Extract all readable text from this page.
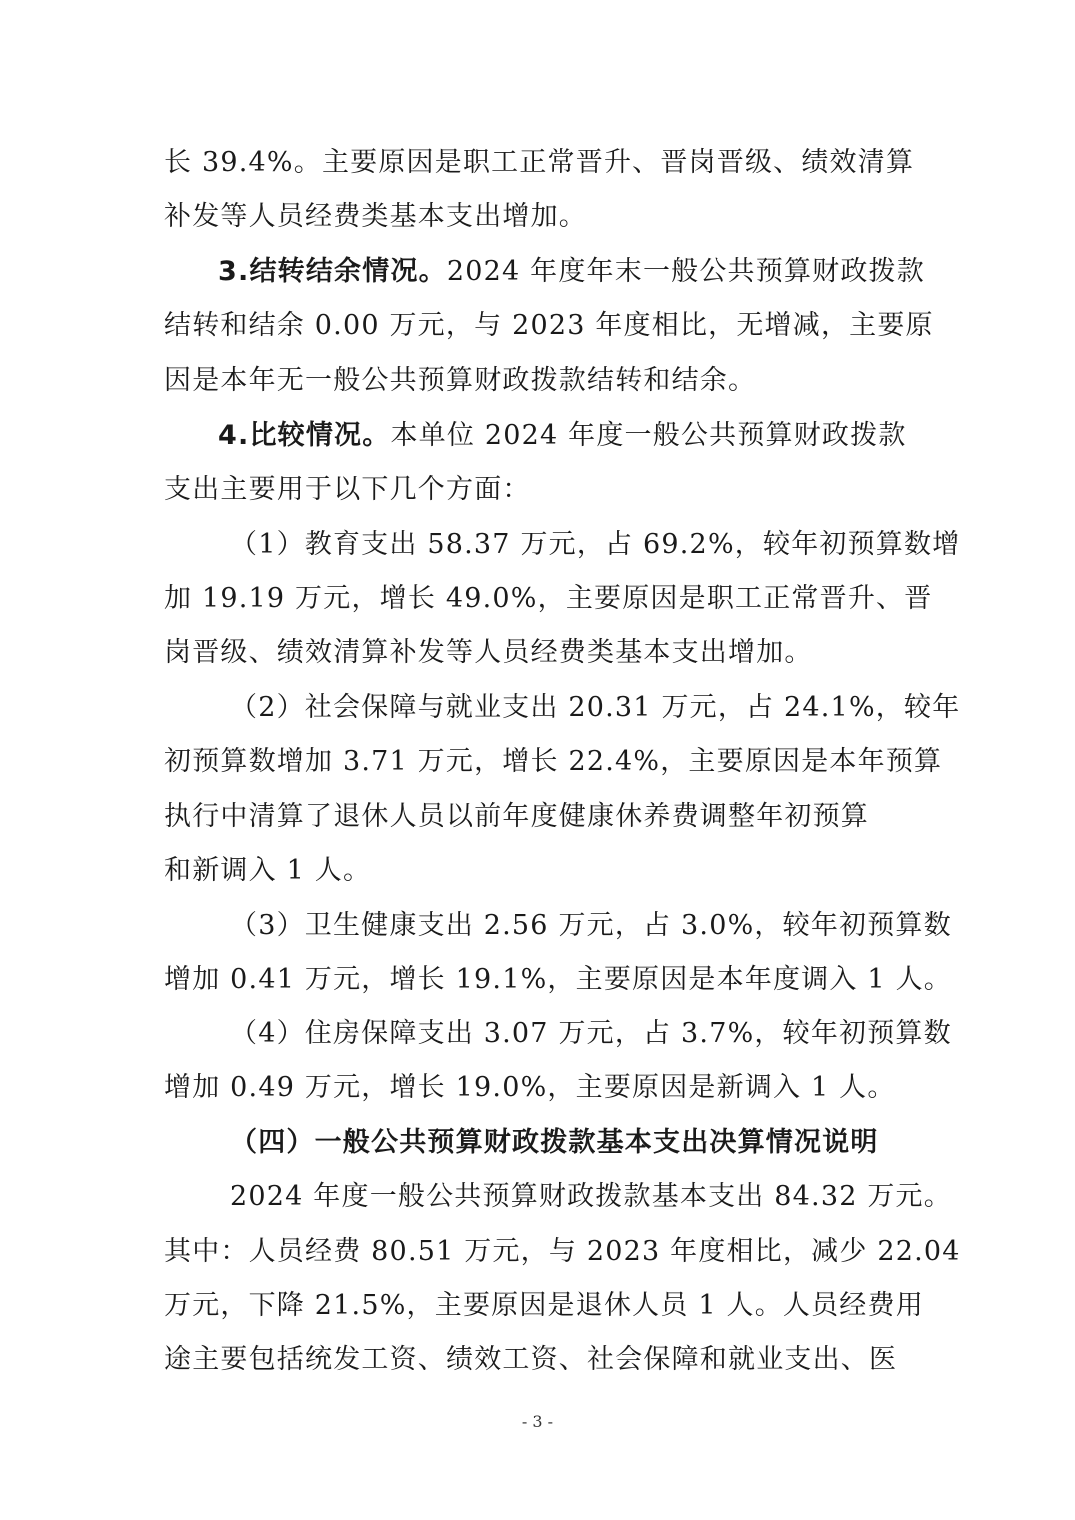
长 39.4%。主要原因是职工正常晋升、晋岗晋级、绩效清算
补发等人员经费类基本支出增加。
3.结转结余情况。2024 年度年末一般公共预算财政拨款
结转和结余 0.00 万元，与 2023 年度相比，无增减，主要原
因是本年无一般公共预算财政拨款结转和结余。
4.比较情况。本单位 2024 年度一般公共预算财政拨款
支出主要用于以下几个方面：
（1）教育支出 58.37 万元，占 69.2%，较年初预算数增
加 19.19 万元，增长 49.0%，主要原因是职工正常晋升、晋
岗晋级、绩效清算补发等人员经费类基本支出增加。
（2）社会保障与就业支出 20.31 万元，占 24.1%，较年
初预算数增加 3.71 万元，增长 22.4%，主要原因是本年预算
执行中清算了退休人员以前年度健康休养费调整年初预算
和新调入 1 人。
（3）卫生健康支出 2.56 万元，占 3.0%，较年初预算数
增加 0.41 万元，增长 19.1%，主要原因是本年度调入 1 人。
（4）住房保障支出 3.07 万元，占 3.7%，较年初预算数
增加 0.49 万元，增长 19.0%，主要原因是新调入 1 人。
（四）一般公共预算财政拨款基本支出决算情况说明
2024 年度一般公共预算财政拨款基本支出 84.32 万元。
其中：人员经费 80.51 万元，与 2023 年度相比，减少 22.04
万元，下降 21.5%，主要原因是退休人员 1 人。人员经费用
途主要包括统发工资、绩效工资、社会保障和就业支出、医
- 3 -
